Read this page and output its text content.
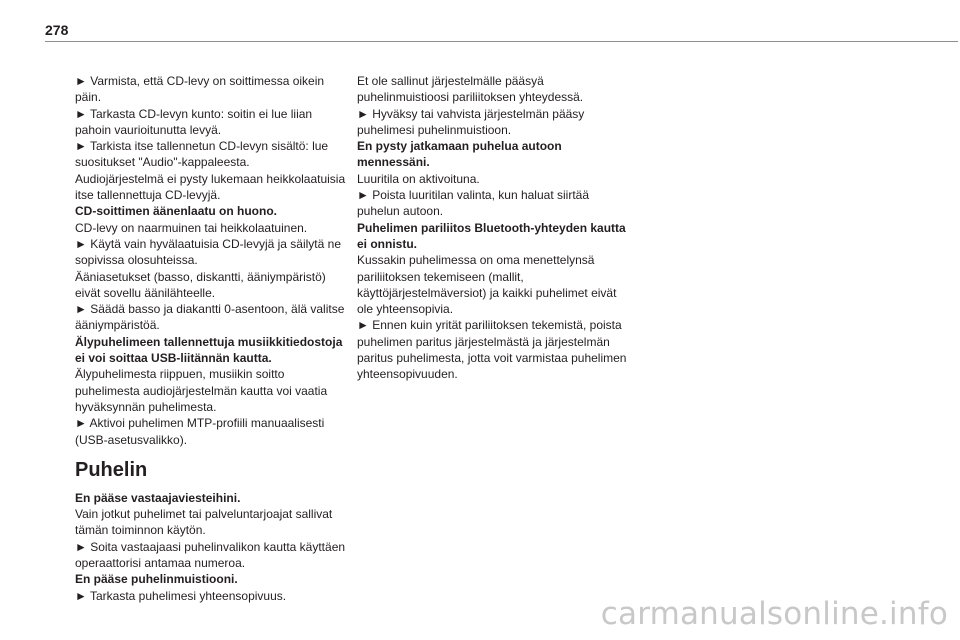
278

► Varmista, että CD-levy on soittimessa oikein päin.

► Tarkasta CD-levyn kunto: soitin ei lue liian pahoin vaurioitunutta levyä.

► Tarkista itse tallennetun CD-levyn sisältö: lue suositukset "Audio"-kappaleesta.

Audiojärjestelmä ei pysty lukemaan heikkolaatuisia itse tallennettuja CD-levyjä.

CD-soittimen äänenlaatu on huono.

CD-levy on naarmuinen tai heikkolaatuinen.

► Käytä vain hyvälaatuisia CD-levyjä ja säilytä ne sopivissa olosuhteissa.

Ääniasetukset (basso, diskantti, ääniympäristö) eivät sovellu äänilähteelle.

► Säädä basso ja diakantti 0-asentoon, älä valitse ääniympäristöä.

Älypuhelimeen tallennettuja musiikkitiedostoja ei voi soittaa USB-liitännän kautta.

Älypuhelimesta riippuen, musiikin soitto puhelimesta audiojärjestelmän kautta voi vaatia hyväksynnän puhelimesta.

► Aktivoi puhelimen MTP-profiili manuaalisesti (USB-asetusvalikko).

Puhelin

En pääse vastaajaviesteihini.

Vain jotkut puhelimet tai palveluntarjoajat sallivat tämän toiminnon käytön.

► Soita vastaajaasi puhelinvalikon kautta käyttäen operaattorisi antamaa numeroa.

En pääse puhelinmuistiooni.

► Tarkasta puhelimesi yhteensopivuus.

Et ole sallinut järjestelmälle pääsyä puhelinmuistioosi pariliitoksen yhteydessä.

► Hyväksy tai vahvista järjestelmän pääsy puhelimesi puhelinmuistioon.

En pysty jatkamaan puhelua autoon mennessäni.

Luuritila on aktivoituna.

► Poista luuritilan valinta, kun haluat siirtää puhelun autoon.

Puhelimen pariliitos Bluetooth-yhteyden kautta ei onnistu.

Kussakin puhelimessa on oma menettelynsä pariliitoksen tekemiseen (mallit, käyttöjärjestelmäversiot) ja kaikki puhelimet eivät ole yhteensopivia.

► Ennen kuin yrität pariliitoksen tekemistä, poista puhelimen paritus järjestelmästä ja järjestelmän paritus puhelimesta, jotta voit varmistaa puhelimen yhteensopivuuden.

carmanualsonline.info
